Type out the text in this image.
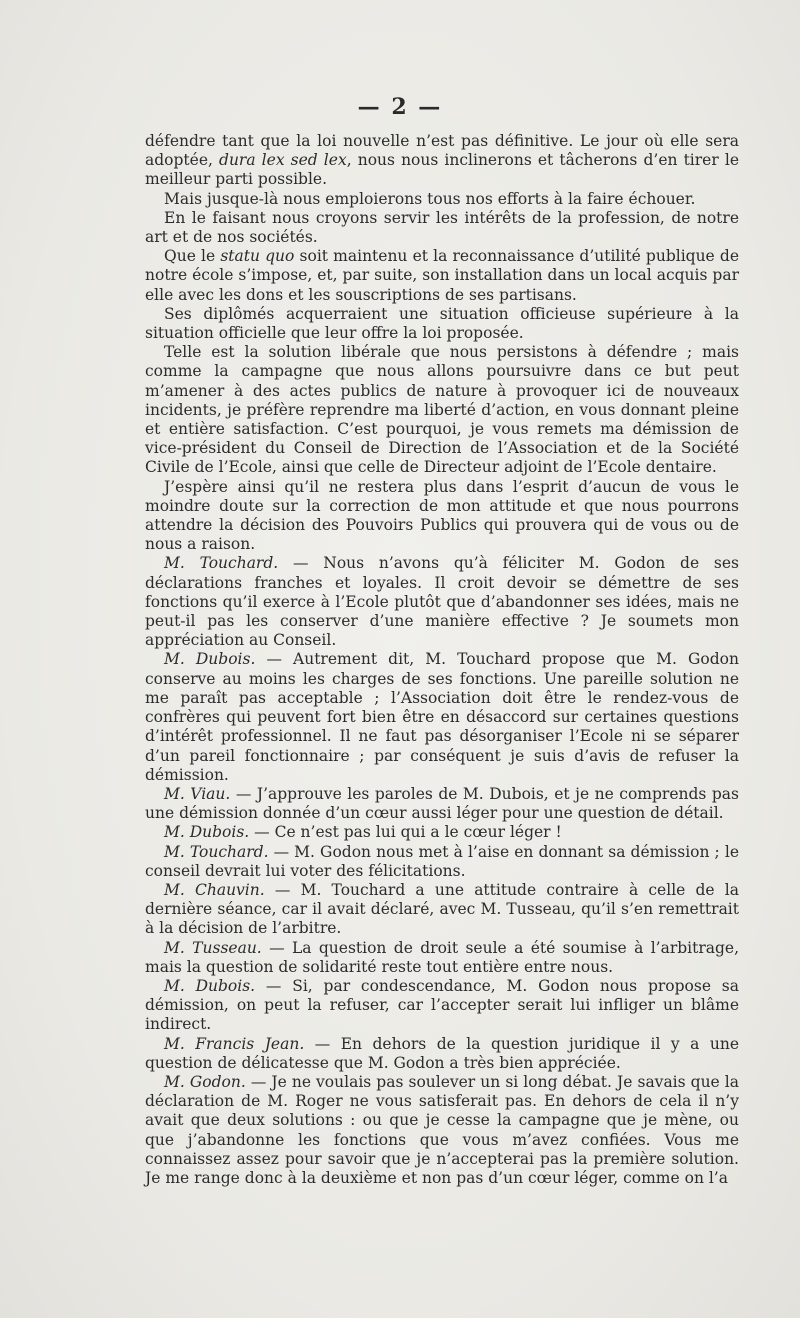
— 2 —

défendre tant que la loi nouvelle n’est pas définitive. Le jour où elle sera adoptée, dura lex sed lex, nous nous inclinerons et tâcherons d’en tirer le meilleur parti possible.

Mais jusque-là nous emploierons tous nos efforts à la faire échouer.

En le faisant nous croyons servir les intérêts de la profession, de notre art et de nos sociétés.

Que le statu quo soit maintenu et la reconnaissance d’utilité publique de notre école s’impose, et, par suite, son installation dans un local acquis par elle avec les dons et les souscriptions de ses partisans.

Ses diplômés acquerraient une situation officieuse supérieure à la situation officielle que leur offre la loi proposée.

Telle est la solution libérale que nous persistons à défendre ; mais comme la campagne que nous allons poursuivre dans ce but peut m’amener à des actes publics de nature à provoquer ici de nouveaux incidents, je préfère reprendre ma liberté d’action, en vous donnant pleine et entière satisfaction. C’est pourquoi, je vous remets ma démission de vice-président du Conseil de Direction de l’Association et de la Société Civile de l’Ecole, ainsi que celle de Directeur adjoint de l’Ecole dentaire.

J’espère ainsi qu’il ne restera plus dans l’esprit d’aucun de vous le moindre doute sur la correction de mon attitude et que nous pourrons attendre la décision des Pouvoirs Publics qui prouvera qui de vous ou de nous a raison.

M. Touchard. — Nous n’avons qu’à féliciter M. Godon de ses déclarations franches et loyales. Il croit devoir se démettre de ses fonctions qu’il exerce à l’Ecole plutôt que d’abandonner ses idées, mais ne peut-il pas les conserver d’une manière effective ? Je soumets mon appréciation au Conseil.

M. Dubois. — Autrement dit, M. Touchard propose que M. Godon conserve au moins les charges de ses fonctions. Une pareille solution ne me paraît pas acceptable ; l’Association doit être le rendez-vous de confrères qui peuvent fort bien être en désaccord sur certaines questions d’intérêt professionnel. Il ne faut pas désorganiser l’Ecole ni se séparer d’un pareil fonctionnaire ; par conséquent je suis d’avis de refuser la démission.

M. Viau. — J’approuve les paroles de M. Dubois, et je ne comprends pas une démission donnée d’un cœur aussi léger pour une question de détail.

M. Dubois. — Ce n’est pas lui qui a le cœur léger !

M. Touchard. — M. Godon nous met à l’aise en donnant sa démission ; le conseil devrait lui voter des félicitations.

M. Chauvin. — M. Touchard a une attitude contraire à celle de la dernière séance, car il avait déclaré, avec M. Tusseau, qu’il s’en remettrait à la décision de l’arbitre.

M. Tusseau. — La question de droit seule a été soumise à l’arbitrage, mais la question de solidarité reste tout entière entre nous.

M. Dubois. — Si, par condescendance, M. Godon nous propose sa démission, on peut la refuser, car l’accepter serait lui infliger un blâme indirect.

M. Francis Jean. — En dehors de la question juridique il y a une question de délicatesse que M. Godon a très bien appréciée.

M. Godon. — Je ne voulais pas soulever un si long débat. Je savais que la déclaration de M. Roger ne vous satisferait pas. En dehors de cela il n’y avait que deux solutions : ou que je cesse la campagne que je mène, ou que j’abandonne les fonctions que vous m’avez confiées. Vous me connaissez assez pour savoir que je n’accepterai pas la première solution. Je me range donc à la deuxième et non pas d’un cœur léger, comme on l’a
